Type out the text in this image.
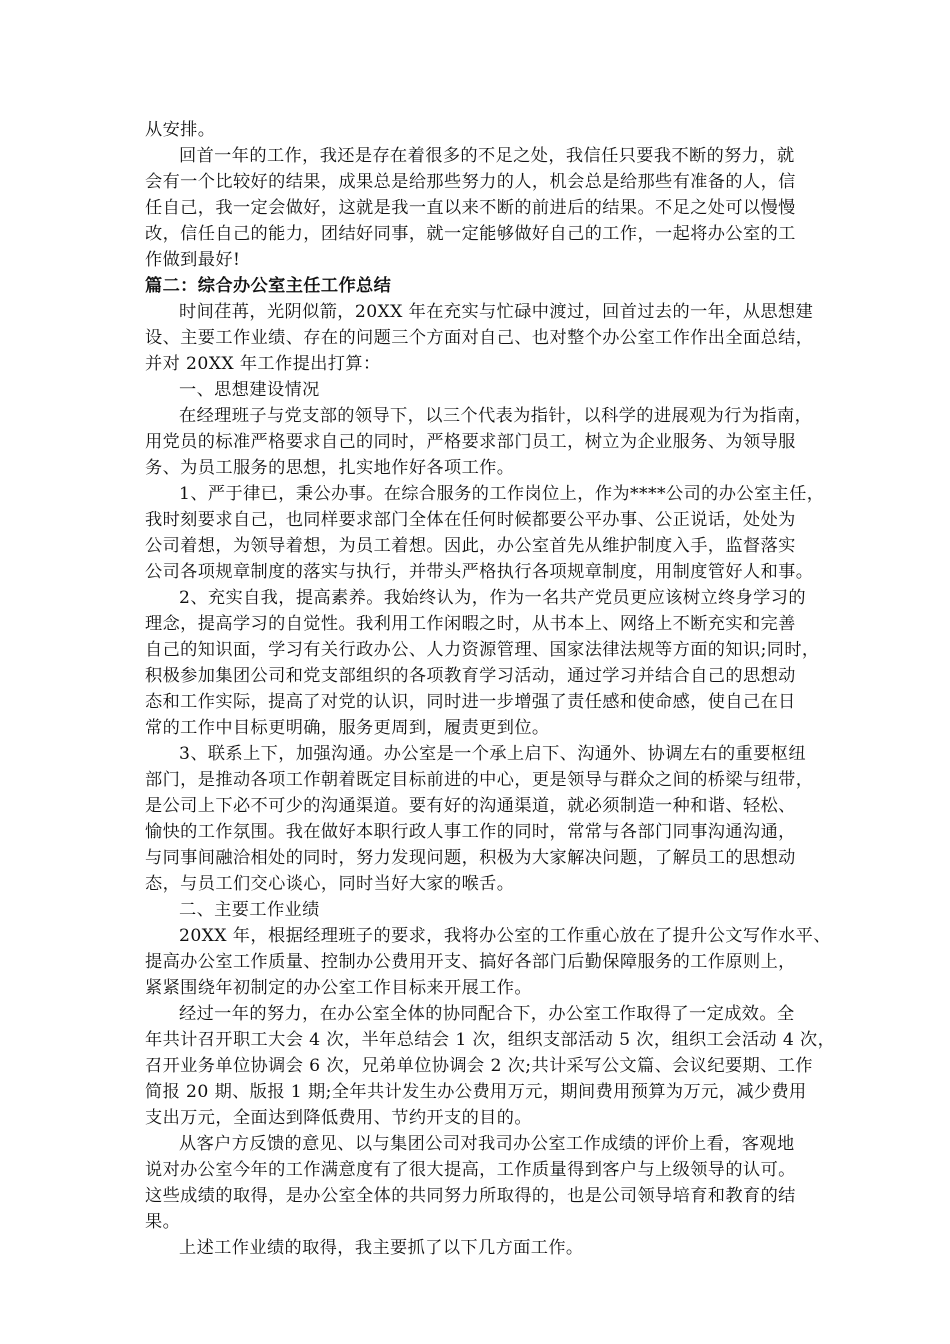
从安排。

回首一年的工作，我还是存在着很多的不足之处，我信任只要我不断的努力，就

会有一个比较好的结果，成果总是给那些努力的人，机会总是给那些有准备的人，信

任自己，我一定会做好，这就是我一直以来不断的前进后的结果。不足之处可以慢慢

改，信任自己的能力，团结好同事，就一定能够做好自己的工作，一起将办公室的工

作做到最好!

篇二：综合办公室主任工作总结

时间荏苒，光阴似箭，20XX 年在充实与忙碌中渡过，回首过去的一年，从思想建

设、主要工作业绩、存在的问题三个方面对自己、也对整个办公室工作作出全面总结，

并对 20XX 年工作提出打算：

一、思想建设情况

在经理班子与党支部的领导下，以三个代表为指针，以科学的进展观为行为指南，

用党员的标准严格要求自己的同时，严格要求部门员工，树立为企业服务、为领导服

务、为员工服务的思想，扎实地作好各项工作。

1、严于律已，秉公办事。在综合服务的工作岗位上，作为****公司的办公室主任，

我时刻要求自己，也同样要求部门全体在任何时候都要公平办事、公正说话，处处为

公司着想，为领导着想，为员工着想。因此，办公室首先从维护制度入手，监督落实

公司各项规章制度的落实与执行，并带头严格执行各项规章制度，用制度管好人和事。

2、充实自我，提高素养。我始终认为，作为一名共产党员更应该树立终身学习的

理念，提高学习的自觉性。我利用工作闲暇之时，从书本上、网络上不断充实和完善

自己的知识面，学习有关行政办公、人力资源管理、国家法律法规等方面的知识;同时，

积极参加集团公司和党支部组织的各项教育学习活动，通过学习并结合自己的思想动

态和工作实际，提高了对党的认识，同时进一步增强了责任感和使命感，使自己在日

常的工作中目标更明确，服务更周到，履责更到位。

3、联系上下，加强沟通。办公室是一个承上启下、沟通外、协调左右的重要枢纽

部门，是推动各项工作朝着既定目标前进的中心，更是领导与群众之间的桥梁与纽带，

是公司上下必不可少的沟通渠道。要有好的沟通渠道，就必须制造一种和谐、轻松、

愉快的工作氛围。我在做好本职行政人事工作的同时，常常与各部门同事沟通沟通，

与同事间融洽相处的同时，努力发现问题，积极为大家解决问题，了解员工的思想动

态，与员工们交心谈心，同时当好大家的喉舌。

二、主要工作业绩

20XX 年，根据经理班子的要求，我将办公室的工作重心放在了提升公文写作水平、

提高办公室工作质量、控制办公费用开支、搞好各部门后勤保障服务的工作原则上，

紧紧围绕年初制定的办公室工作目标来开展工作。

经过一年的努力，在办公室全体的协同配合下，办公室工作取得了一定成效。全

年共计召开职工大会 4 次，半年总结会 1 次，组织支部活动 5 次，组织工会活动 4 次，

召开业务单位协调会 6 次，兄弟单位协调会 2 次;共计采写公文篇、会议纪要期、工作

简报 20 期、版报 1 期;全年共计发生办公费用万元，期间费用预算为万元，减少费用

支出万元，全面达到降低费用、节约开支的目的。

从客户方反馈的意见、以与集团公司对我司办公室工作成绩的评价上看，客观地

说对办公室今年的工作满意度有了很大提高，工作质量得到客户与上级领导的认可。

这些成绩的取得，是办公室全体的共同努力所取得的，也是公司领导培育和教育的结

果。

上述工作业绩的取得，我主要抓了以下几方面工作。
